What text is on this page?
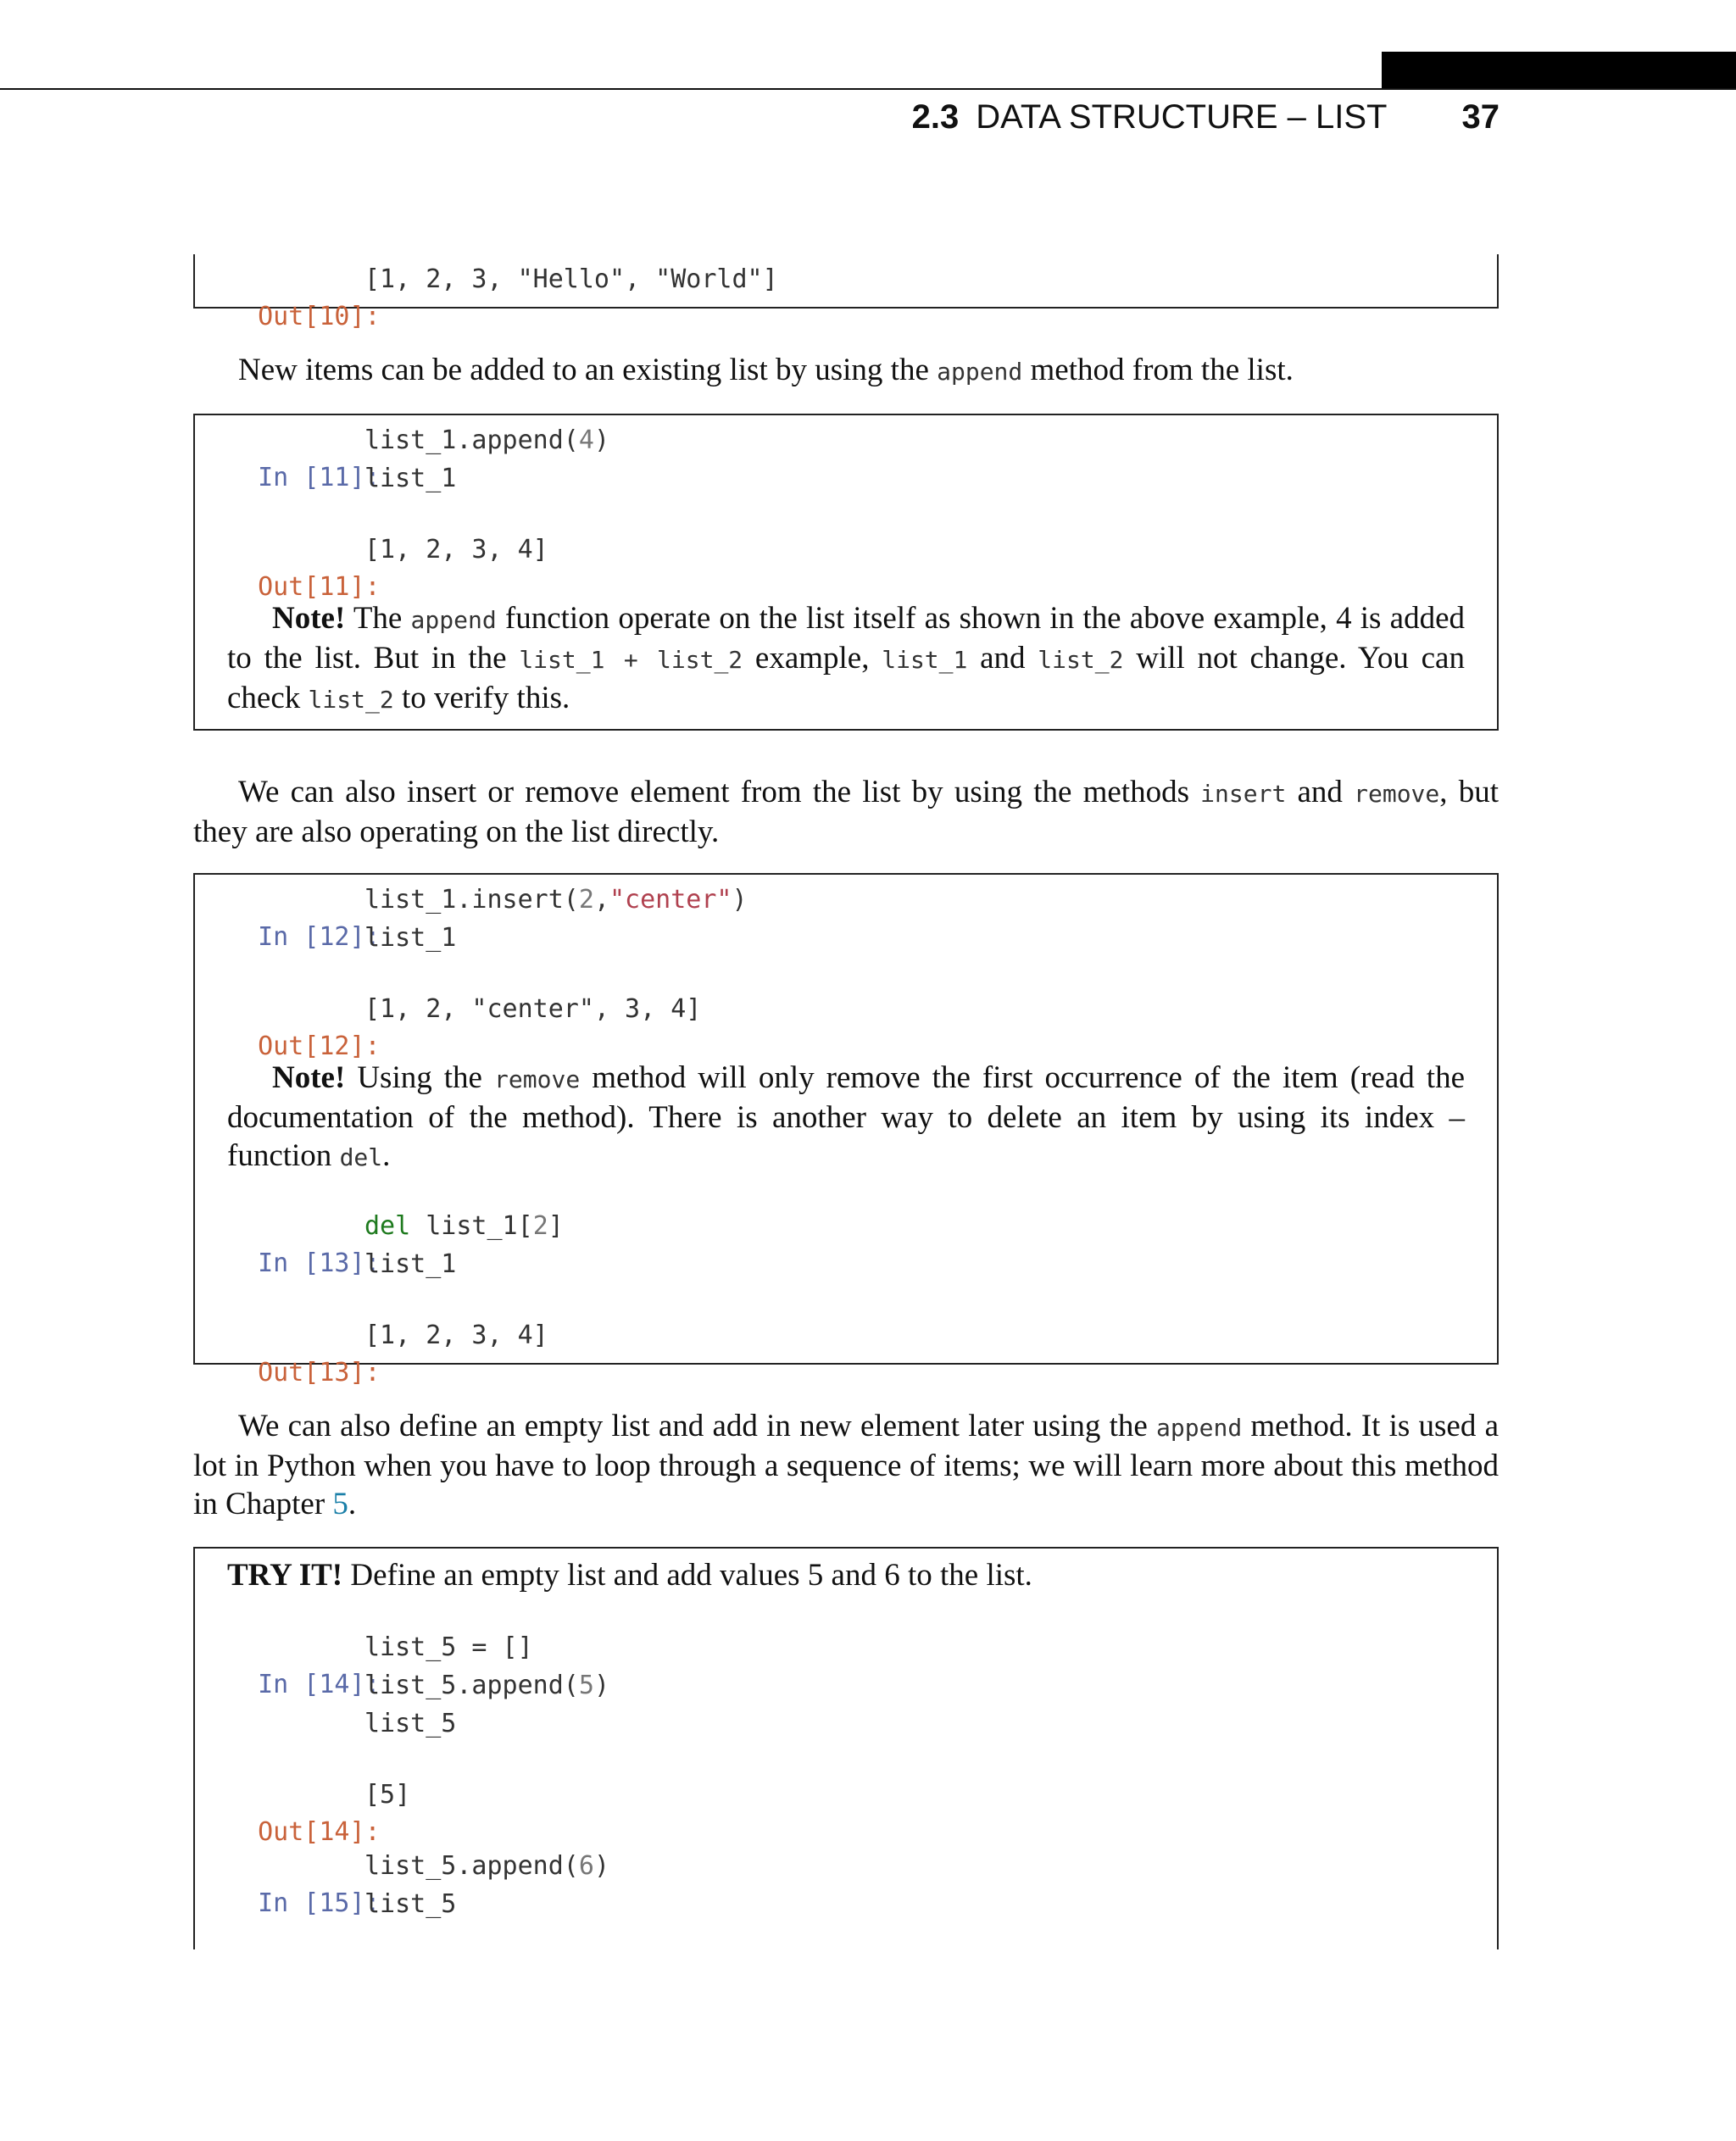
2.3 DATA STRUCTURE – LIST 37

Out[10]:

[1, 2, 3, "Hello", "World"]
New items can be added to an existing list by using the append method from the list.

In [11]:

list_1.append(4)
list_1

Out[11]:

[1, 2, 3, 4]
Note! The append function operate on the list itself as shown in the above example, 4 is added to the list. But in the list_1 + list_2 example, list_1 and list_2 will not change. You can check list_2 to verify this.
We can also insert or remove element from the list by using the methods insert and remove, but they are also operating on the list directly.

In [12]:

list_1.insert(2,"center")
list_1

Out[12]:

[1, 2, "center", 3, 4]
Note! Using the remove method will only remove the first occurrence of the item (read the documentation of the method). There is another way to delete an item by using its index – function del.

In [13]:

del list_1[2]
list_1

Out[13]:

[1, 2, 3, 4]
We can also define an empty list and add in new element later using the append method. It is used a lot in Python when you have to loop through a sequence of items; we will learn more about this method in Chapter 5.
TRY IT! Define an empty list and add values 5 and 6 to the list.

In [14]:

list_5 = []
list_5.append(5)
list_5

Out[14]:

[5]

In [15]:

list_5.append(6)
list_5
